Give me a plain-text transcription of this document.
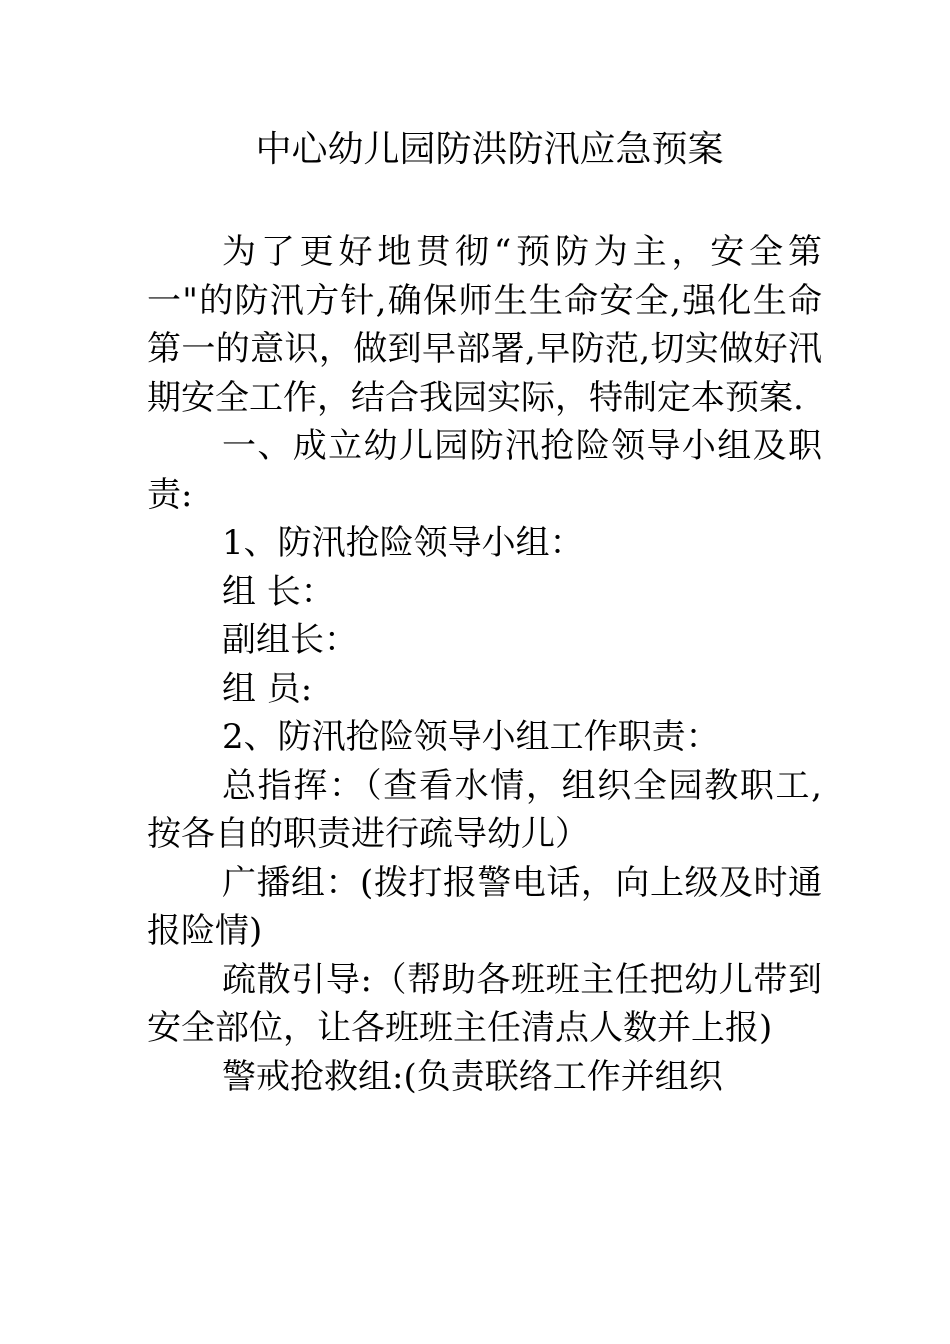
中心幼儿园防洪防汛应急预案

为了更好地贯彻“预防为主，安全第一"的防汛方针,确保师生生命安全,强化生命第一的意识，做到早部署,早防范,切实做好汛期安全工作，结合我园实际，特制定本预案.

一、成立幼儿园防汛抢险领导小组及职责:

1、防汛抢险领导小组：

组 长：

副组长：

组 员:

2、防汛抢险领导小组工作职责：

总指挥：（查看水情，组织全园教职工,按各自的职责进行疏导幼儿）

广播组：(拨打报警电话，向上级及时通报险情)

疏散引导:（帮助各班班主任把幼儿带到安全部位，让各班班主任清点人数并上报)

警戒抢救组:(负责联络工作并组织
